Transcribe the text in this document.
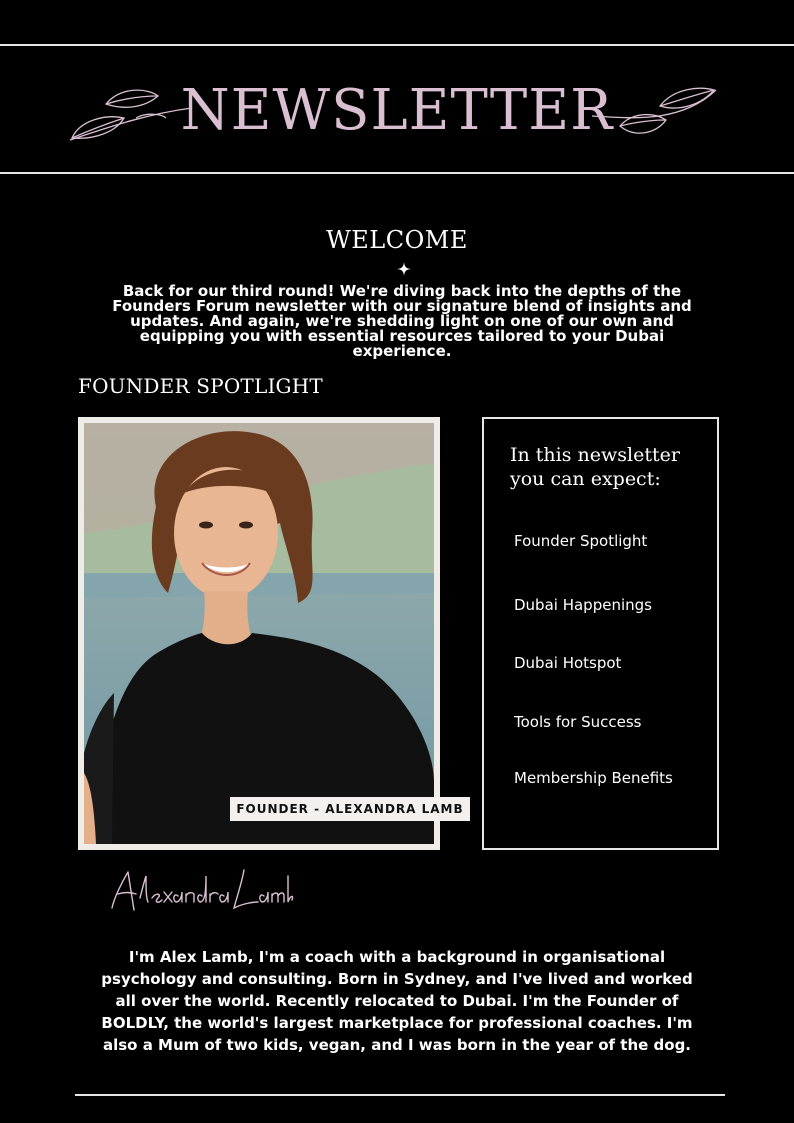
NEWSLETTER
WELCOME
Back for our third round! We're diving back into the depths of the Founders Forum newsletter with our signature blend of insights and updates. And again, we're shedding light on one of our own and equipping you with essential resources tailored to your Dubai experience.
FOUNDER SPOTLIGHT
FOUNDER - ALEXANDRA LAMB
In this newsletter you can expect:
Founder Spotlight
Dubai Happenings
Dubai Hotspot
Tools for Success
Membership Benefits
I'm Alex Lamb, I'm a coach with a background in organisational psychology and consulting. Born in Sydney, and I've lived and worked all over the world. Recently relocated to Dubai. I'm the Founder of BOLDLY, the world's largest marketplace for professional coaches. I'm also a Mum of two kids, vegan, and I was born in the year of the dog.
